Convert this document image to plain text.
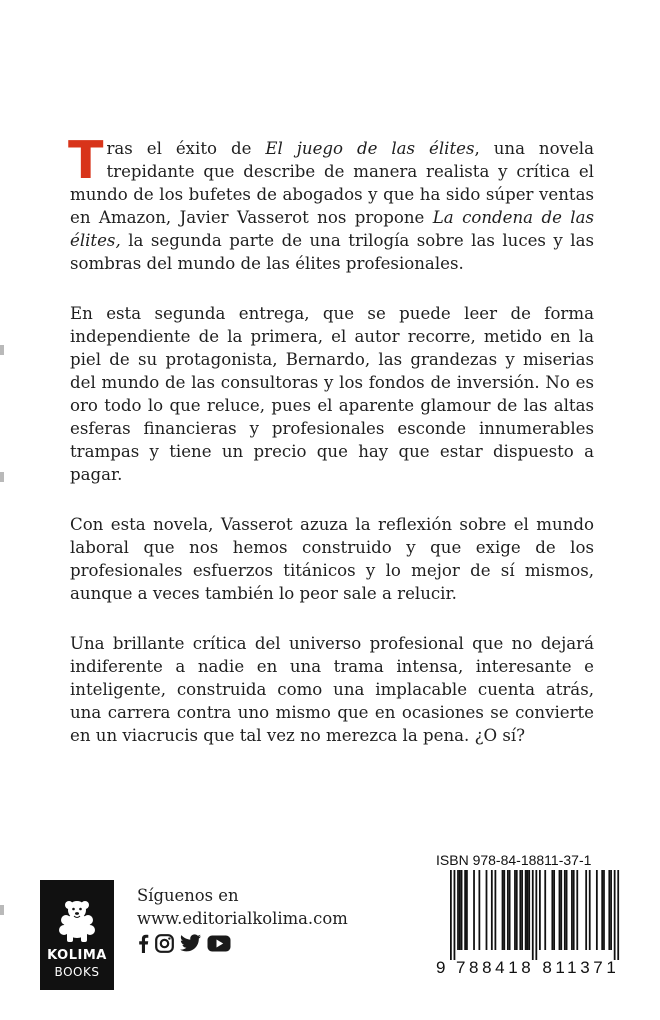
Tras el éxito de El juego de las élites, una novela trepidante que describe de manera realista y crítica el mundo de los bufetes de abogados y que ha sido súper ventas en Amazon, Javier Vasserot nos propone La condena de las élites, la segunda parte de una trilogía sobre las luces y las sombras del mundo de las élites profesionales.

En esta segunda entrega, que se puede leer de forma independiente de la primera, el autor recorre, metido en la piel de su protagonista, Bernardo, las grandezas y miserias del mundo de las consultoras y los fondos de inversión. No es oro todo lo que reluce, pues el aparente glamour de las altas esferas financieras y profesionales esconde innumerables trampas y tiene un precio que hay que estar dispuesto a pagar.

Con esta novela, Vasserot azuza la reflexión sobre el mundo laboral que nos hemos construido y que exige de los profesionales esfuerzos titánicos y lo mejor de sí mismos, aunque a veces también lo peor sale a relucir.

Una brillante crítica del universo profesional que no dejará indiferente a nadie en una trama intensa, interesante e inteligente, construida como una implacable cuenta atrás, una carrera contra uno mismo que en ocasiones se convierte en un viacrucis que tal vez no merezca la pena. ¿O sí?

KOLIMA
BOOKS
Síguenos en
www.editorialkolima.com
ISBN 978-84-18811-37-1
9 788418 811371
